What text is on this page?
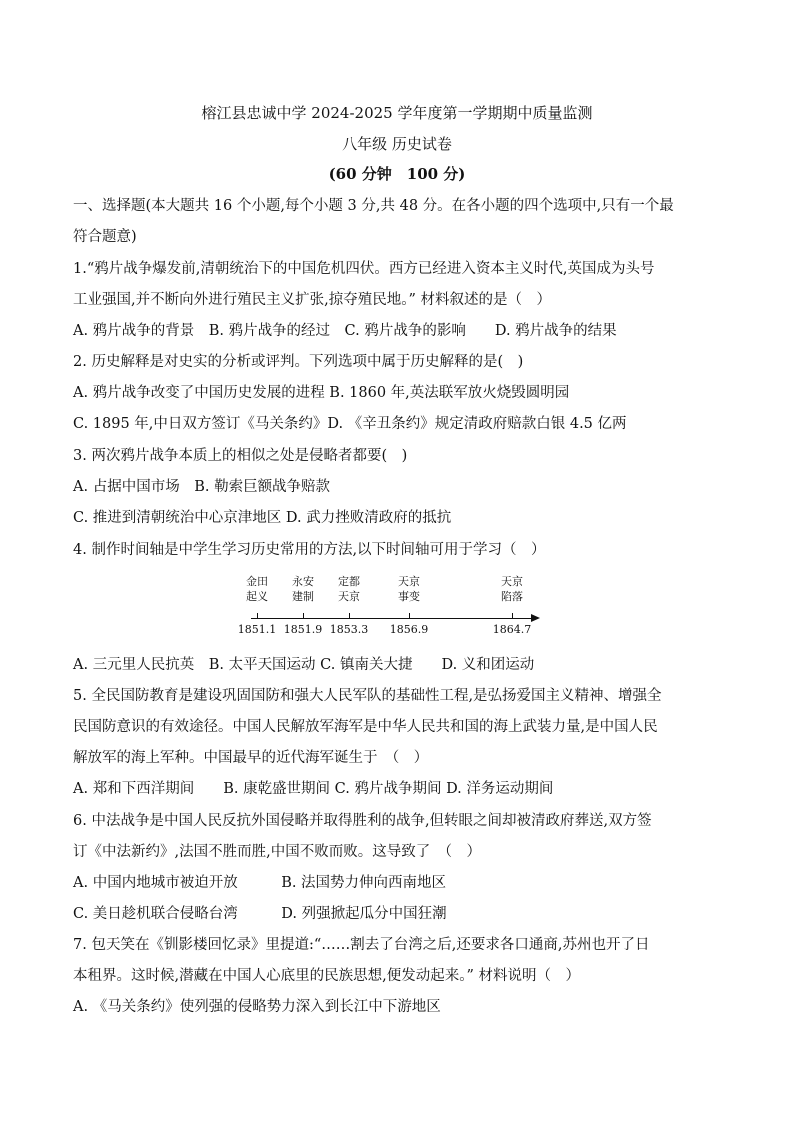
榕江县忠诚中学 2024-2025 学年度第一学期期中质量监测
八年级 历史试卷
(60 分钟　100 分)
一、选择题(本大题共 16 个小题,每个小题 3 分,共 48 分。在各小题的四个选项中,只有一个最
符合题意)
1.“鸦片战争爆发前,清朝统治下的中国危机四伏。西方已经进入资本主义时代,英国成为头号
工业强国,并不断向外进行殖民主义扩张,掠夺殖民地。” 材料叙述的是（　）
A. 鸦片战争的背景　B. 鸦片战争的经过　C. 鸦片战争的影响　　D. 鸦片战争的结果
2. 历史解释是对史实的分析或评判。下列选项中属于历史解释的是(　)
A. 鸦片战争改变了中国历史发展的进程 B. 1860 年,英法联军放火烧毁圆明园
C. 1895 年,中日双方签订《马关条约》D. 《辛丑条约》规定清政府赔款白银 4.5 亿两
3. 两次鸦片战争本质上的相似之处是侵略者都要(　)
A. 占据中国市场　B. 勒索巨额战争赔款
C. 推进到清朝统治中心京津地区 D. 武力挫败清政府的抵抗
4. 制作时间轴是中学生学习历史常用的方法,以下时间轴可用于学习（　）
金田
起义
永安
建制
定都
天京
天京
事变
天京
陷落
1851.1 1851.9 1853.3 1856.9	1864.7
A. 三元里人民抗英　B. 太平天国运动 C. 镇南关大捷　　D. 义和团运动
5. 全民国防教育是建设巩固国防和强大人民军队的基础性工程,是弘扬爱国主义精神、增强全
民国防意识的有效途径。中国人民解放军海军是中华人民共和国的海上武装力量,是中国人民
解放军的海上军种。中国最早的近代海军诞生于　（　）
A. 郑和下西洋期间　　B. 康乾盛世期间 C. 鸦片战争期间 D. 洋务运动期间
6. 中法战争是中国人民反抗外国侵略并取得胜利的战争,但转眼之间却被清政府葬送,双方签
订《中法新约》,法国不胜而胜,中国不败而败。这导致了　（　）
A. 中国内地城市被迫开放　　　B. 法国势力伸向西南地区
C. 美日趁机联合侵略台湾　　　D. 列强掀起瓜分中国狂潮
7. 包天笑在《钏影楼回忆录》里提道:“……割去了台湾之后,还要求各口通商,苏州也开了日
本租界。这时候,潜藏在中国人心底里的民族思想,便发动起来。” 材料说明（　）
A. 《马关条约》使列强的侵略势力深入到长江中下游地区
